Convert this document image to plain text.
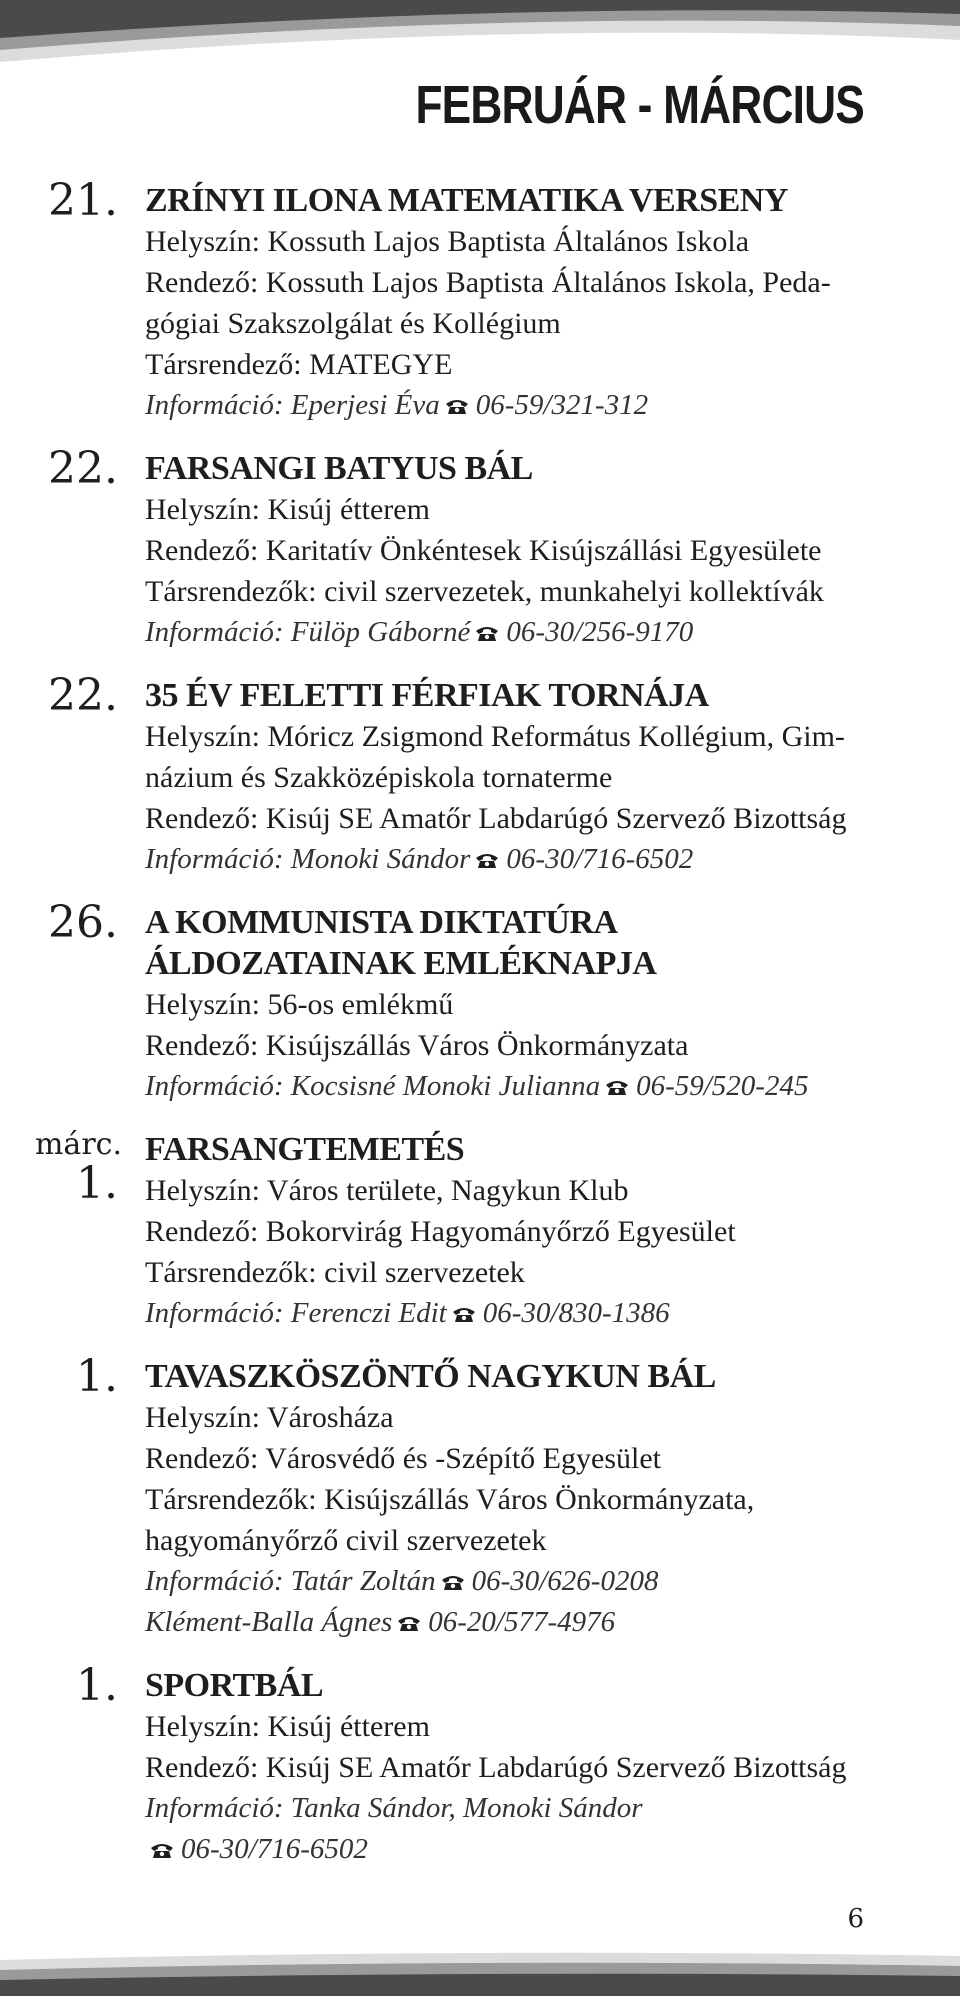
FEBRUÁR - MÁRCIUS
21. ZRÍNYI ILONA MATEMATIKA VERSENY

Helyszín: Kossuth Lajos Baptista Általános Iskola

Rendező: Kossuth Lajos Baptista Általános Iskola, Peda-

gógiai Szakszolgálat és Kollégium

Társrendező: MATEGYE

Információ: Eperjesi Éva 06-59/321-312

22. FARSANGI BATYUS BÁL

Helyszín: Kisúj étterem

Rendező: Karitatív Önkéntesek Kisújszállási Egyesülete

Társrendezők: civil szervezetek, munkahelyi kollektívák

Információ: Fülöp Gáborné 06-30/256-9170

22. 35 ÉV FELETTI FÉRFIAK TORNÁJA

Helyszín: Móricz Zsigmond Református Kollégium, Gim-

názium és Szakközépiskola tornaterme

Rendező: Kisúj SE Amatőr Labdarúgó Szervező Bizottság

Információ: Monoki Sándor 06-30/716-6502

26. A KOMMUNISTA DIKTATÚRA ÁLDOZATAINAK EMLÉKNAPJA

Helyszín: 56-os emlékmű

Rendező: Kisújszállás Város Önkormányzata

Információ: Kocsisné Monoki Julianna 06-59/520-245

márc.
1.
FARSANGTEMETÉS

Helyszín: Város területe, Nagykun Klub

Rendező: Bokorvirág Hagyományőrző Egyesület

Társrendezők: civil szervezetek

Információ: Ferenczi Edit 06-30/830-1386

1. TAVASZKÖSZÖNTŐ NAGYKUN BÁL

Helyszín: Városháza

Rendező: Városvédő és -Szépítő Egyesület

Társrendezők: Kisújszállás Város Önkormányzata,

hagyományőrző civil szervezetek

Információ: Tatár Zoltán 06-30/626-0208

Klément-Balla Ágnes 06-20/577-4976

1. SPORTBÁL

Helyszín: Kisúj étterem

Rendező: Kisúj SE Amatőr Labdarúgó Szervező Bizottság

Információ: Tanka Sándor, Monoki Sándor

06-30/716-6502

6
